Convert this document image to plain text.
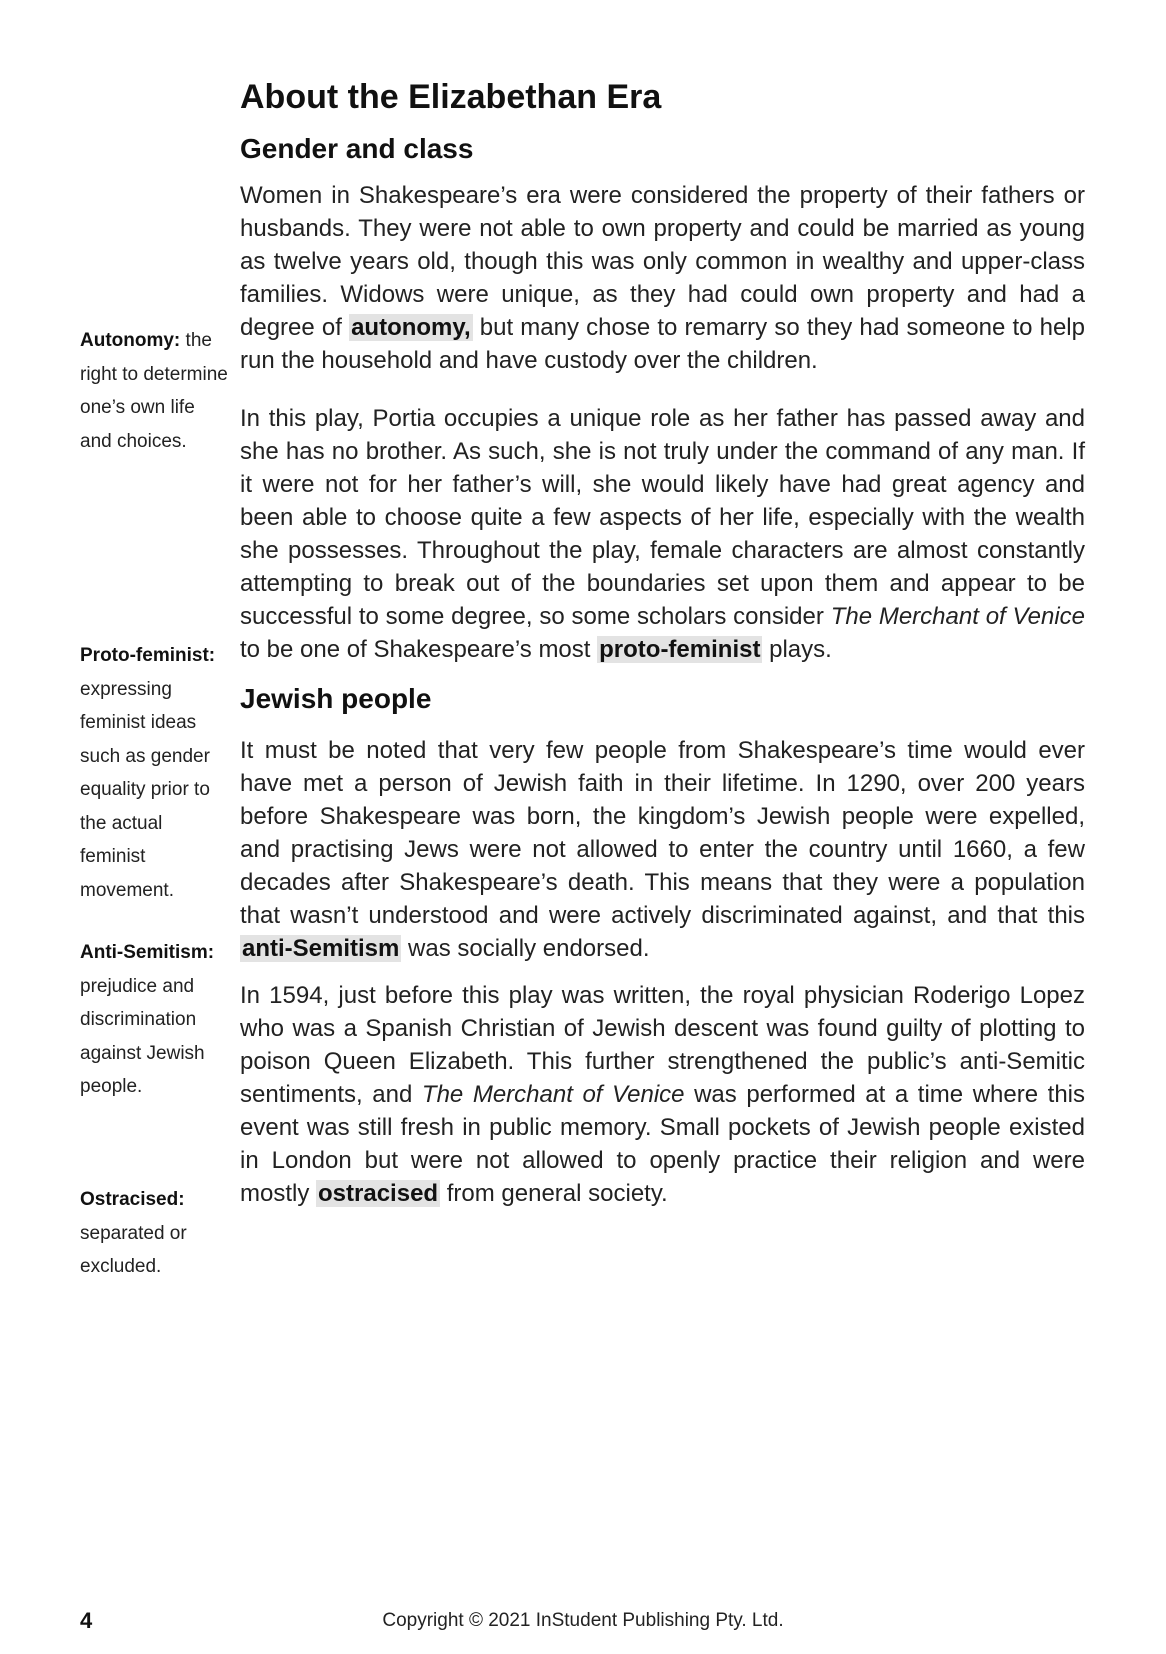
About the Elizabethan Era
Gender and class

Women in Shakespeare’s era were considered the property of their fathers or husbands. They were not able to own property and could be married as young as twelve years old, though this was only common in wealthy and upper-class families. Widows were unique, as they had could own property and had a degree of autonomy, but many chose to remarry so they had someone to help run the household and have custody over the children.

In this play, Portia occupies a unique role as her father has passed away and she has no brother. As such, she is not truly under the command of any man. If it were not for her father’s will, she would likely have had great agency and been able to choose quite a few aspects of her life, especially with the wealth she possesses. Throughout the play, female characters are almost constantly attempting to break out of the boundaries set upon them and appear to be successful to some degree, so some scholars consider The Merchant of Venice to be one of Shakespeare’s most proto-feminist plays.

Jewish people

It must be noted that very few people from Shakespeare’s time would ever have met a person of Jewish faith in their lifetime. In 1290, over 200 years before Shakespeare was born, the kingdom’s Jewish people were expelled, and practising Jews were not allowed to enter the country until 1660, a few decades after Shakespeare’s death. This means that they were a population that wasn’t understood and were actively discriminated against, and that this anti-Semitism was socially endorsed.

In 1594, just before this play was written, the royal physician Roderigo Lopez who was a Spanish Christian of Jewish descent was found guilty of plotting to poison Queen Elizabeth. This further strengthened the public’s anti-Semitic sentiments, and The Merchant of Venice was performed at a time where this event was still fresh in public memory. Small pockets of Jewish people existed in London but were not allowed to openly practice their religion and were mostly ostracised from general society.

Autonomy: the right to determine one’s own life and choices.

Proto-feminist: expressing feminist ideas such as gender equality prior to the actual feminist movement.

Anti-Semitism: prejudice and discrimination against Jewish people.

Ostracised: separated or excluded.

4	Copyright © 2021 InStudent Publishing Pty. Ltd.
